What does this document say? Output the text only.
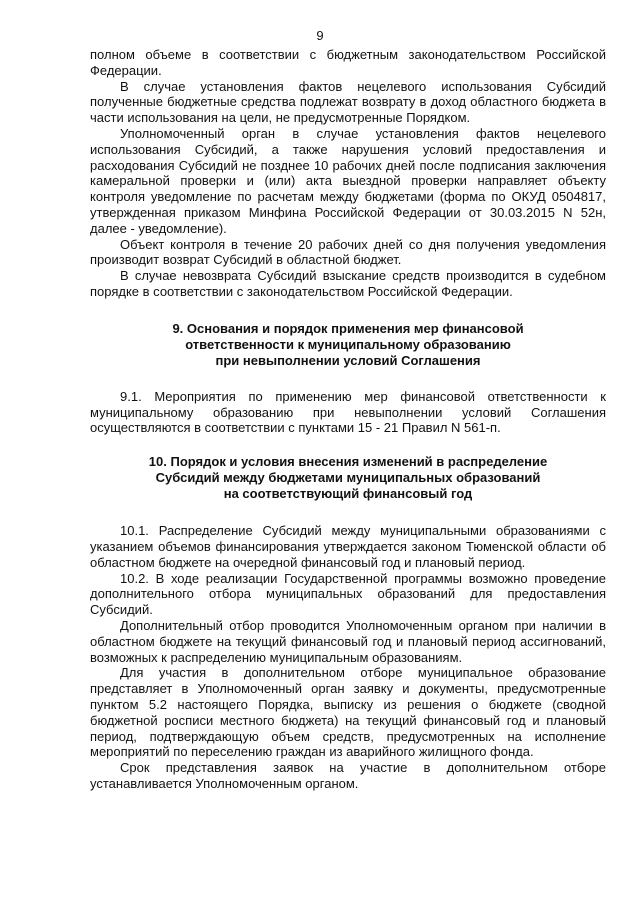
9

полном объеме в соответствии с бюджетным законодательством Российской Федерации.

В случае установления фактов нецелевого использования Субсидий полученные бюджетные средства подлежат возврату в доход областного бюджета в части использования на цели, не предусмотренные Порядком.

Уполномоченный орган в случае установления фактов нецелевого использования Субсидий, а также нарушения условий предоставления и расходования Субсидий не позднее 10 рабочих дней после подписания заключения камеральной проверки и (или) акта выездной проверки направляет объекту контроля уведомление по расчетам между бюджетами (форма по ОКУД 0504817, утвержденная приказом Минфина Российской Федерации от 30.03.2015 N 52н, далее - уведомление).

Объект контроля в течение 20 рабочих дней со дня получения уведомления производит возврат Субсидий в областной бюджет.

В случае невозврата Субсидий взыскание средств производится в судебном порядке в соответствии с законодательством Российской Федерации.

9. Основания и порядок применения мер финансовой
ответственности к муниципальному образованию
при невыполнении условий Соглашения

9.1. Мероприятия по применению мер финансовой ответственности к муниципальному образованию при невыполнении условий Соглашения осуществляются в соответствии с пунктами 15 - 21 Правил N 561-п.

10. Порядок и условия внесения изменений в распределение
Субсидий между бюджетами муниципальных образований
на соответствующий финансовый год

10.1. Распределение Субсидий между муниципальными образованиями с указанием объемов финансирования утверждается законом Тюменской области об областном бюджете на очередной финансовый год и плановый период.

10.2. В ходе реализации Государственной программы возможно проведение дополнительного отбора муниципальных образований для предоставления Субсидий.

Дополнительный отбор проводится Уполномоченным органом при наличии в областном бюджете на текущий финансовый год и плановый период ассигнований, возможных к распределению муниципальным образованиям.

Для участия в дополнительном отборе муниципальное образование представляет в Уполномоченный орган заявку и документы, предусмотренные пунктом 5.2 настоящего Порядка, выписку из решения о бюджете (сводной бюджетной росписи местного бюджета) на текущий финансовый год и плановый период, подтверждающую объем средств, предусмотренных на исполнение мероприятий по переселению граждан из аварийного жилищного фонда.

Срок представления заявок на участие в дополнительном отборе устанавливается Уполномоченным органом.
